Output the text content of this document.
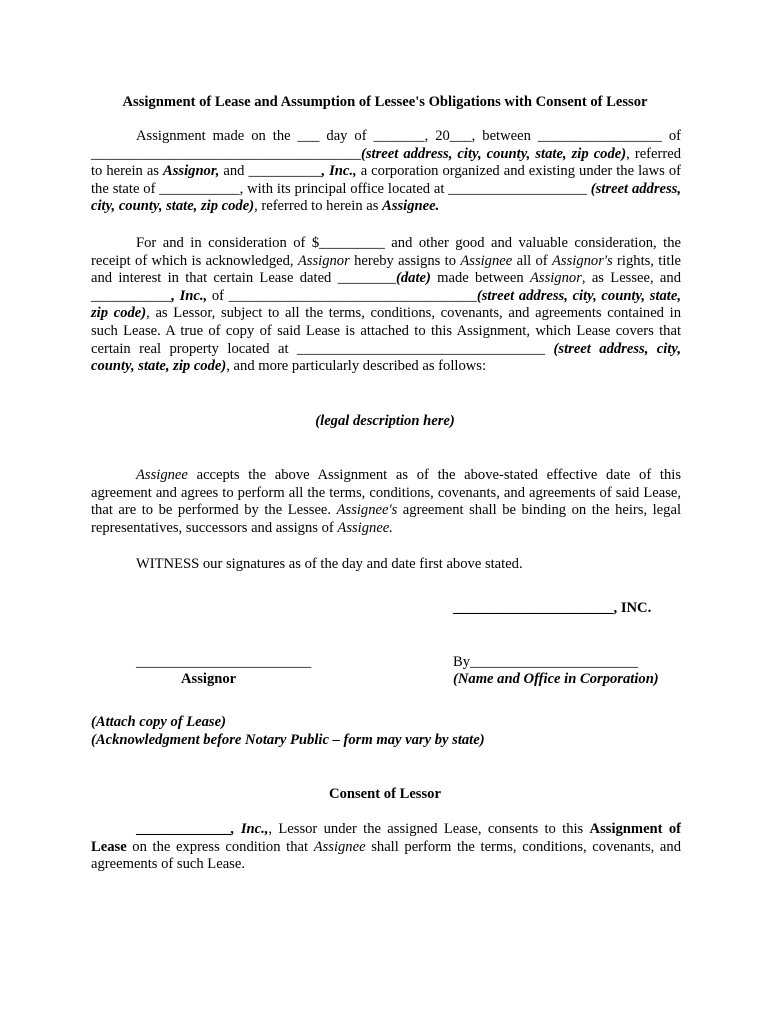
Assignment of Lease and Assumption of Lessee's Obligations with Consent of Lessor
Assignment made on the ___ day of _______, 20___, between _________________ of _____________________________________(street address, city, county, state, zip code), referred to herein as Assignor, and __________, Inc., a corporation organized and existing under the laws of the state of ___________, with its principal office located at ___________________ (street address, city, county, state, zip code), referred to herein as Assignee.
For and in consideration of $_________ and other good and valuable consideration, the receipt of which is acknowledged, Assignor hereby assigns to Assignee all of Assignor's rights, title and interest in that certain Lease dated ________(date) made between Assignor, as Lessee, and ___________, Inc., of __________________________________(street address, city, county, state, zip code), as Lessor, subject to all the terms, conditions, covenants, and agreements contained in such Lease. A true of copy of said Lease is attached to this Assignment, which Lease covers that certain real property located at __________________________________ (street address, city, county, state, zip code), and more particularly described as follows:
(legal description here)
Assignee accepts the above Assignment as of the above-stated effective date of this agreement and agrees to perform all the terms, conditions, covenants, and agreements of said Lease, that are to be performed by the Lessee. Assignee's agreement shall be binding on the heirs, legal representatives, successors and assigns of Assignee.
WITNESS our signatures as of the day and date first above stated.
______________________, INC.
________________________
Assignor
By_______________________
(Name and Office in Corporation)
(Attach copy of Lease)
(Acknowledgment before Notary Public – form may vary by state)
Consent of Lessor
_____________, Inc.,, Lessor under the assigned Lease, consents to this Assignment of Lease on the express condition that Assignee shall perform the terms, conditions, covenants, and agreements of such Lease.
